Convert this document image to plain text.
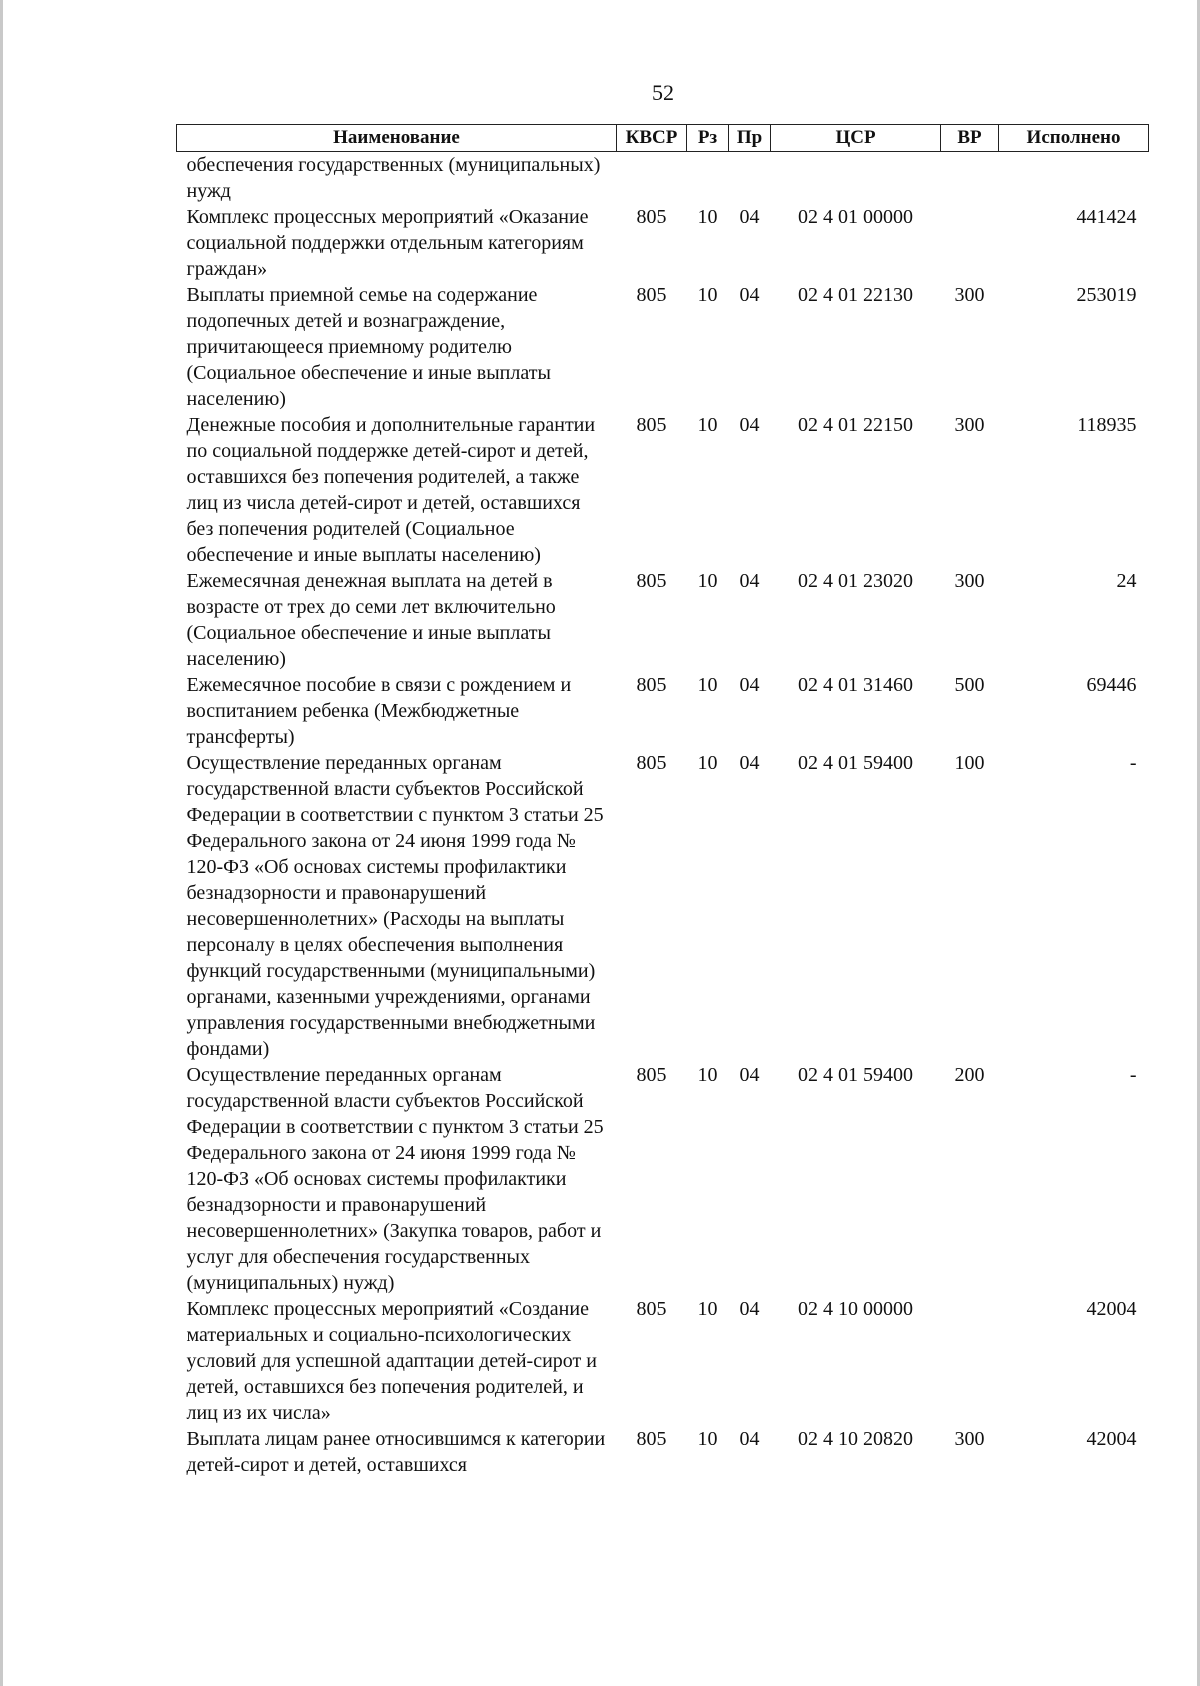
52
Наименование	КВСР	Рз	Пр	ЦСР	ВР	Исполнено
обеспечения государственных (муниципальных) нужд						
Комплекс процессных мероприятий «Оказание социальной поддержки отдельным категориям граждан»	805	10	04	02 4 01 00000		441424
Выплаты приемной семье на содержание подопечных детей и вознаграждение, причитающееся приемному родителю (Социальное обеспечение и иные выплаты населению)	805	10	04	02 4 01 22130	300	253019
Денежные пособия и дополнительные гарантии по социальной поддержке детей-сирот и детей, оставшихся без попечения родителей, а также лиц из числа детей-сирот и детей, оставшихся без попечения родителей (Социальное обеспечение и иные выплаты населению)	805	10	04	02 4 01 22150	300	118935
Ежемесячная денежная выплата на детей в возрасте от трех до семи лет включительно (Социальное обеспечение и иные выплаты населению)	805	10	04	02 4 01 23020	300	24
Ежемесячное пособие в связи с рождением и воспитанием ребенка (Межбюджетные трансферты)	805	10	04	02 4 01 31460	500	69446
Осуществление переданных органам государственной власти субъектов Российской Федерации в соответствии с пунктом 3 статьи 25 Федерального закона от 24 июня 1999 года № 120-ФЗ «Об основах системы профилактики безнадзорности и правонарушений несовершеннолетних» (Расходы на выплаты персоналу в целях обеспечения выполнения функций государственными (муниципальными) органами, казенными учреждениями, органами управления государственными внебюджетными фондами)	805	10	04	02 4 01 59400	100	-
Осуществление переданных органам государственной власти субъектов Российской Федерации в соответствии с пунктом 3 статьи 25 Федерального закона от 24 июня 1999 года № 120-ФЗ «Об основах системы профилактики безнадзорности и правонарушений несовершеннолетних» (Закупка товаров, работ и услуг для обеспечения государственных (муниципальных) нужд)	805	10	04	02 4 01 59400	200	-
Комплекс процессных мероприятий «Создание материальных и социально-психологических условий для успешной адаптации детей-сирот и детей, оставшихся без попечения родителей, и лиц из их числа»	805	10	04	02 4 10 00000		42004
Выплата лицам ранее относившимся к категории детей-сирот и детей, оставшихся	805	10	04	02 4 10 20820	300	42004
